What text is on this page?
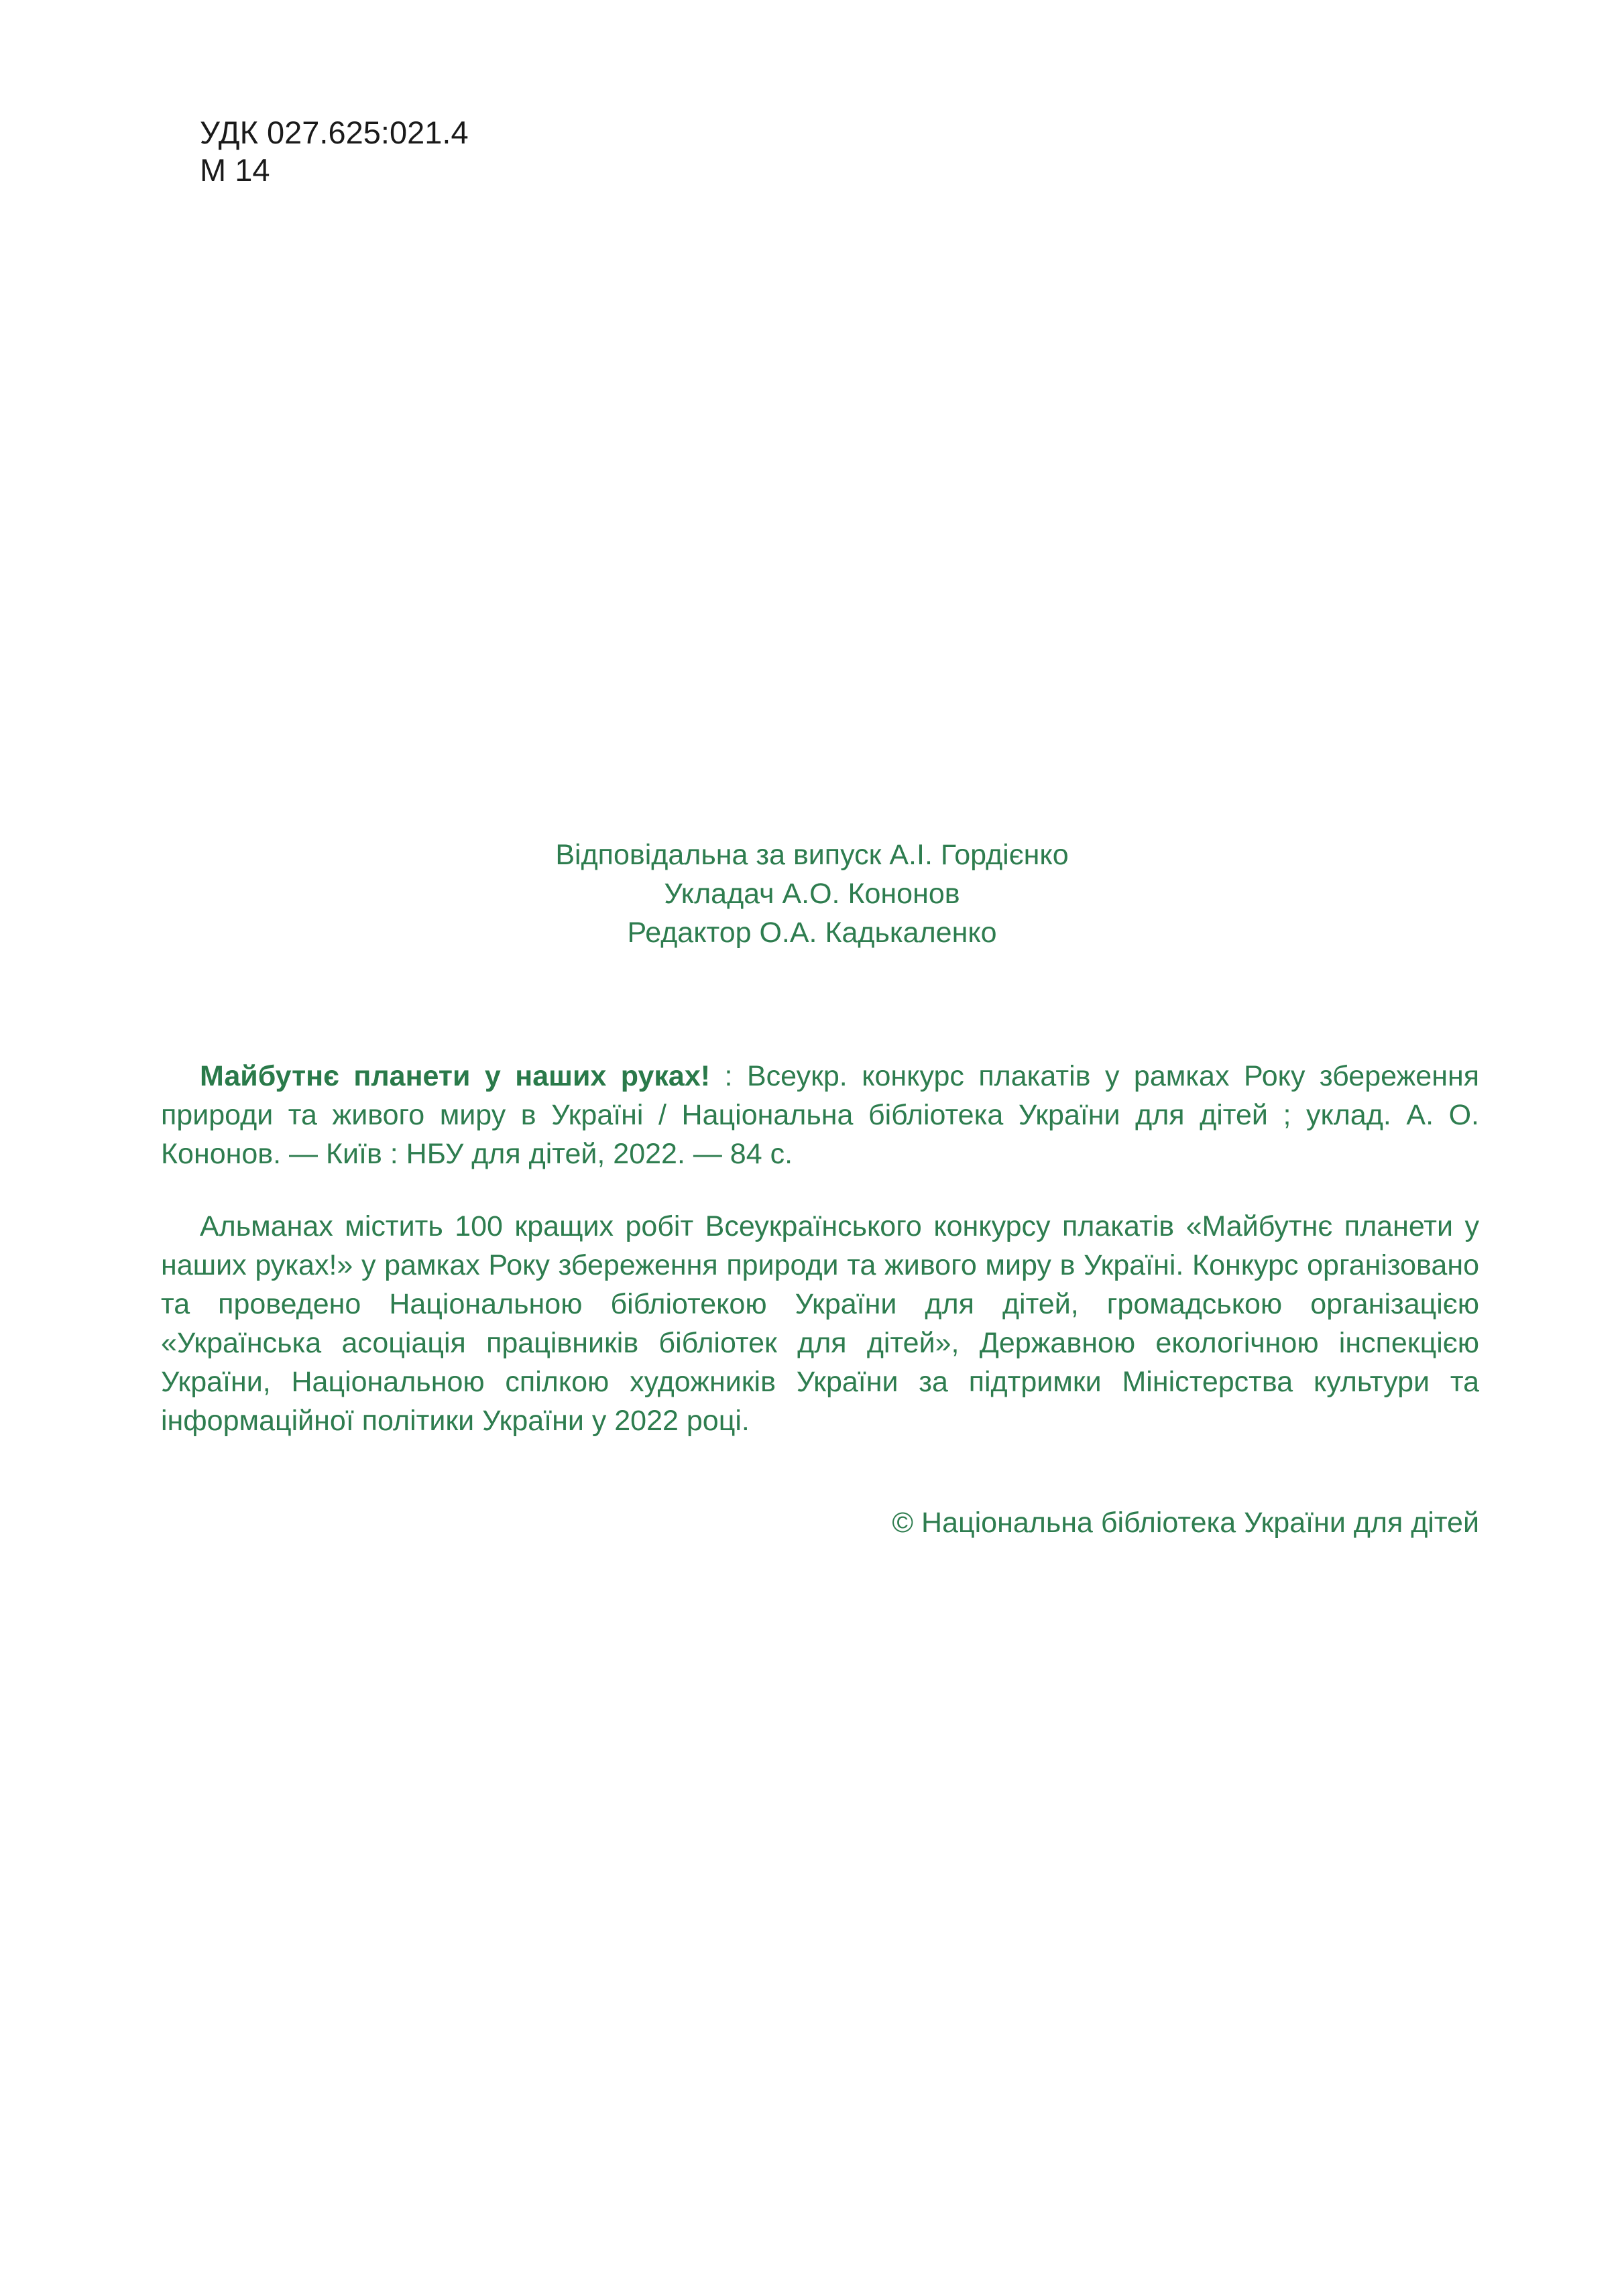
УДК 027.625:021.4
М 14
Відповідальна за випуск А.І. Гордієнко
Укладач А.О. Кононов
Редактор О.А. Кадькаленко
Майбутнє планети у наших руках! : Всеукр. конкурс плакатів у рамках Року збереження природи та живого миру в Україні / Національна бібліотека України для дітей ; уклад. А. О. Кононов. — Київ : НБУ для дітей, 2022. — 84 с.
Альманах містить 100 кращих робіт Всеукраїнського конкурсу плакатів «Майбутнє планети у наших руках!» у рамках Року збереження природи та живого миру в Україні. Конкурс організовано та проведено Національною бібліотекою України для дітей, громадською організацією «Українська асоціація працівників бібліотек для дітей», Державною екологічною інспекцією України, Національною спілкою художників України за підтримки Міністерства культури та інформаційної політики України у 2022 році.
© Національна бібліотека України для дітей
